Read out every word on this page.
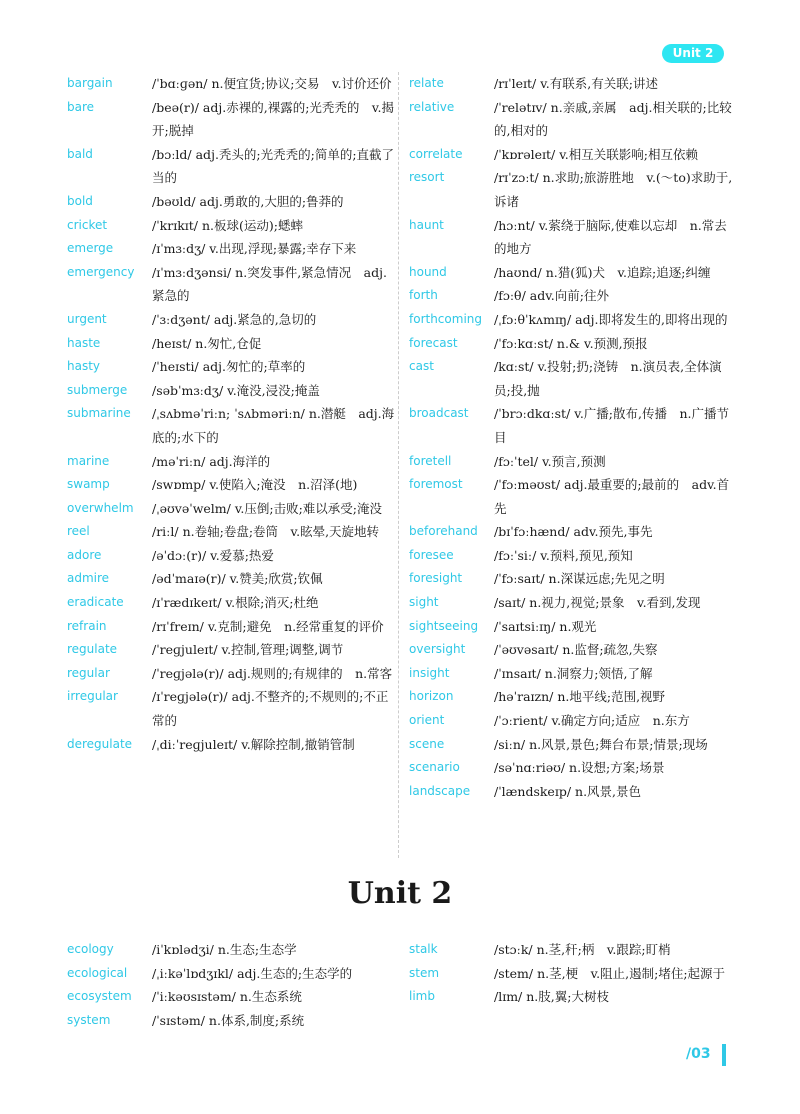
Unit 2
bargain	/ˈbɑːɡən/ n.便宜货;协议;交易　v.讨价还价
bare	/beə(r)/ adj.赤裸的,裸露的;光秃秃的　v.揭开;脱掉
bald	/bɔːld/ adj.秃头的;光秃秃的;简单的;直截了当的
bold	/bəʊld/ adj.勇敢的,大胆的;鲁莽的
cricket	/ˈkrɪkɪt/ n.板球(运动);蟋蟀
emerge	/ɪˈmɜːdʒ/ v.出现,浮现;暴露;幸存下来
emergency	/ɪˈmɜːdʒənsi/ n.突发事件,紧急情况　adj.紧急的
urgent	/ˈɜːdʒənt/ adj.紧急的,急切的
haste	/heɪst/ n.匆忙,仓促
hasty	/ˈheɪsti/ adj.匆忙的;草率的
submerge	/səbˈmɜːdʒ/ v.淹没,浸没;掩盖
submarine	/ˌsʌbməˈriːn; ˈsʌbməriːn/ n.潜艇　adj.海底的;水下的
marine	/məˈriːn/ adj.海洋的
swamp	/swɒmp/ v.使陷入;淹没　n.沼泽(地)
overwhelm	/ˌəʊvəˈwelm/ v.压倒;击败;难以承受;淹没
reel	/riːl/ n.卷轴;卷盘;卷筒　v.眩晕,天旋地转
adore	/əˈdɔː(r)/ v.爱慕;热爱
admire	/ədˈmaɪə(r)/ v.赞美;欣赏;钦佩
eradicate	/ɪˈrædɪkeɪt/ v.根除;消灭;杜绝
refrain	/rɪˈfreɪn/ v.克制;避免　n.经常重复的评价
regulate	/ˈreɡjuleɪt/ v.控制,管理;调整,调节
regular	/ˈreɡjələ(r)/ adj.规则的;有规律的　n.常客
irregular	/ɪˈreɡjələ(r)/ adj.不整齐的;不规则的;不正常的
deregulate	/ˌdiːˈreɡjuleɪt/ v.解除控制,撤销管制
relate	/rɪˈleɪt/ v.有联系,有关联;讲述
relative	/ˈrelətɪv/ n.亲戚,亲属　adj.相关联的;比较的,相对的
correlate	/ˈkɒrəleɪt/ v.相互关联影响;相互依赖
resort	/rɪˈzɔːt/ n.求助;旅游胜地　v.(～to)求助于,诉诸
haunt	/hɔːnt/ v.萦绕于脑际,使难以忘却　n.常去的地方
hound	/haʊnd/ n.猎(狐)犬　v.追踪;追逐;纠缠
forth	/fɔːθ/ adv.向前;往外
forthcoming /ˌfɔːθˈkʌmɪŋ/ adj.即将发生的,即将出现的
forecast	/ˈfɔːkɑːst/ n.& v.预测,预报
cast	/kɑːst/ v.投射;扔;浇铸　n.演员表,全体演员;投,抛
broadcast	/ˈbrɔːdkɑːst/ v.广播;散布,传播　n.广播节目
foretell	/fɔːˈtel/ v.预言,预测
foremost	/ˈfɔːməʊst/ adj.最重要的;最前的　adv.首先
beforehand	/bɪˈfɔːhænd/ adv.预先,事先
foresee	/fɔːˈsiː/ v.预料,预见,预知
foresight	/ˈfɔːsaɪt/ n.深谋远虑;先见之明
sight	/saɪt/ n.视力,视觉;景象　v.看到,发现
sightseeing	/ˈsaɪtsiːɪŋ/ n.观光
oversight	/ˈəʊvəsaɪt/ n.监督;疏忽,失察
insight	/ˈɪnsaɪt/ n.洞察力;领悟,了解
horizon	/həˈraɪzn/ n.地平线;范围,视野
orient	/ˈɔːrient/ v.确定方向;适应　n.东方
scene	/siːn/ n.风景,景色;舞台布景;情景;现场
scenario	/səˈnɑːriəʊ/ n.设想;方案;场景
landscape	/ˈlændskeɪp/ n.风景,景色
Unit 2
ecology	/iˈkɒlədʒi/ n.生态;生态学
ecological	/ˌiːkəˈlɒdʒɪkl/ adj.生态的;生态学的
ecosystem	/ˈiːkəʊsɪstəm/ n.生态系统
system	/ˈsɪstəm/ n.体系,制度;系统
stalk	/stɔːk/ n.茎,秆;柄　v.跟踪;盯梢
stem	/stem/ n.茎,梗　v.阻止,遏制;堵住;起源于
limb	/lɪm/ n.肢,翼;大树枝
/03
